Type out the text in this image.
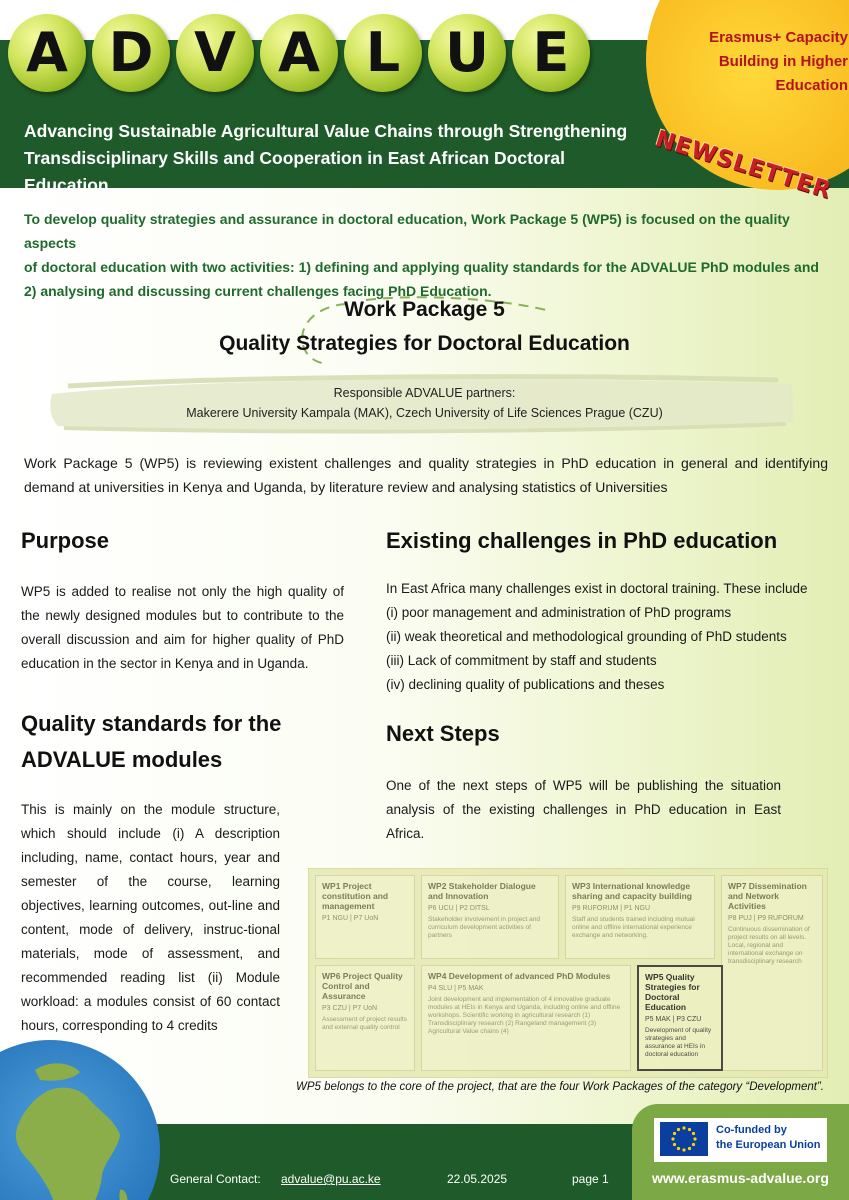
A D V A L U E
Advancing Sustainable Agricultural Value Chains through Strengthening
Transdisciplinary Skills and Cooperation in East African Doctoral Education
Erasmus+ Capacity
Building in Higher
Education
NEWSLETTER
To develop quality strategies and assurance in doctoral education, Work Package 5 (WP5) is focused on the quality aspects
of doctoral education with two activities: 1) defining and applying quality standards for the ADVALUE PhD modules and
2) analysing and discussing current challenges facing PhD Education.
Work Package 5
Quality Strategies for Doctoral Education
Responsible ADVALUE partners:
Makerere University Kampala (MAK), Czech University of Life Sciences Prague (CZU)
Work Package 5 (WP5) is reviewing existent challenges and quality strategies in PhD education in general and identifying demand at universities in Kenya and Uganda, by literature review and analysing statistics of Universities
Purpose
WP5 is added to realise not only the high quality of the newly designed modules but to contribute to the overall discussion and aim for higher quality of PhD education in the sector in Kenya and in Uganda.
Quality standards for the
ADVALUE modules
This is mainly on the module structure, which should include (i) A description including, name, contact hours, year and semester of the course, learning objectives, learning outcomes, out-line and content, mode of delivery, instruc-tional materials, mode of assessment, and recommended reading list (ii) Module workload: a modules consist of 60 contact hours, corresponding to 4 credits
Existing challenges in PhD education
In East Africa many challenges exist in doctoral training. These include
(i) poor management and administration of PhD programs
(ii) weak theoretical and methodological grounding of PhD students
(iii) Lack of commitment by staff and students
(iv) declining quality of publications and theses
Next Steps
One of the next steps of WP5 will be publishing the situation analysis of the existing challenges in PhD education in East Africa.
WP1 Project constitution and management
P1 NGU | P7 UoN
WP2 Stakeholder Dialogue and Innovation
P6 UCU | P2 DITSL
Stakeholder involvement in project and curriculum development activities of partners
WP3 International knowledge sharing and capacity building
P9 RUFORUM | P1 NGU
Staff and students trained including mutual online and offline international experience exchange and networking.
WP7 Dissemination and Network Activities
P8 PUJ | P9 RUFORUM
Continuous dissemination of project results on all levels. Local, regional and international exchange on transdisciplinary research
WP6 Project Quality Control and Assurance
P3 CZU | P7 UoN
Assessment of project results and external quality control
WP4 Development of advanced PhD Modules
P4 SLU | P5 MAK
Joint development and implementation of 4 innovative graduate modules at HEIs in Kenya and Uganda, including online and offline workshops. Scientific working in agricultural research (1) Transdisciplinary research (2) Rangeland management (3) Agricultural Value chains (4)
WP5 Quality Strategies for Doctoral Education
P5 MAK | P3 CZU
Development of quality strategies and assurance at HEIs in doctoral education
WP5 belongs to the core of the project, that are the four Work Packages of the category “Development”.
General Contact: advalue@pu.ac.ke	22.05.2025	page 1
Co-funded by
the European Union
www.erasmus-advalue.org
